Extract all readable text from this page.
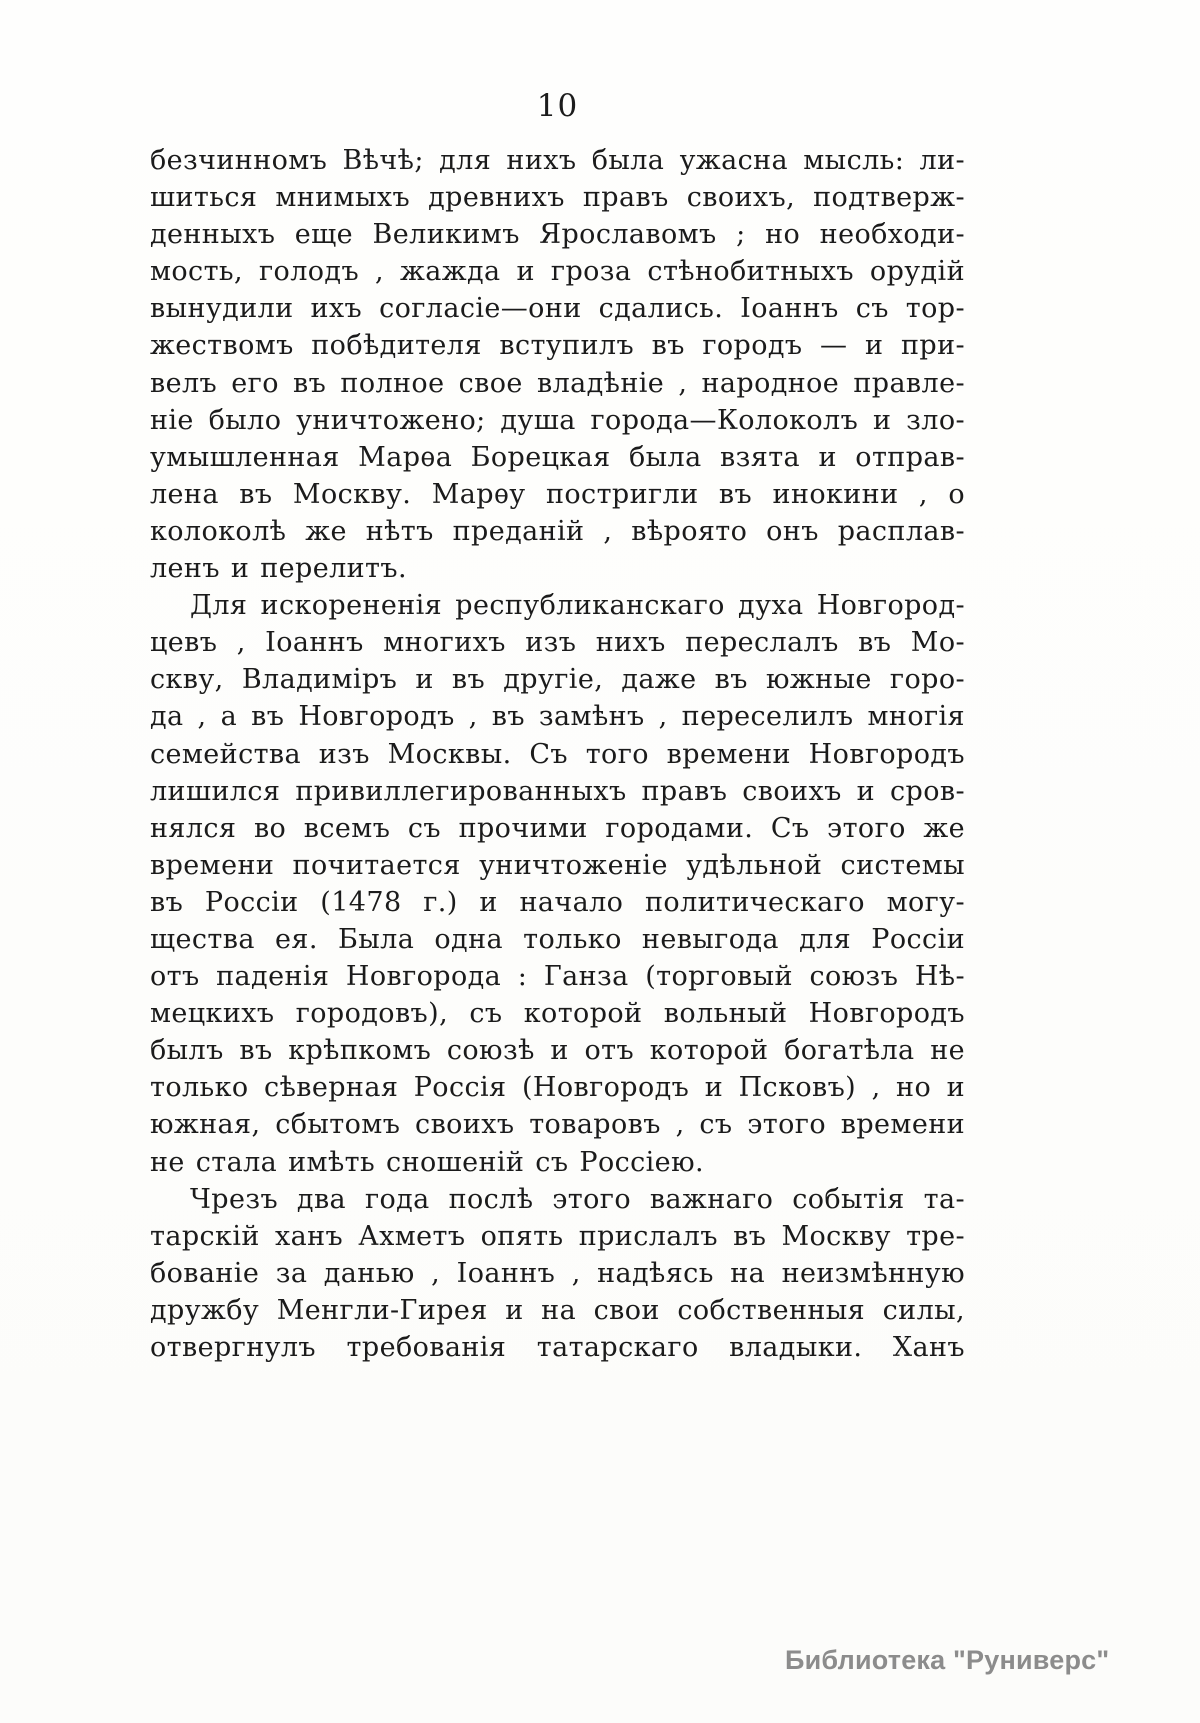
10
безчинномъ Вѣчѣ; для нихъ была ужасна мысль: ли-
шиться мнимыхъ древнихъ правъ своихъ, подтверж-
денныхъ еще Великимъ Ярославомъ ; но необходи-
мость, голодъ , жажда и гроза стѣнобитныхъ орудій
вынудили ихъ согласіе—они сдались. Іоаннъ съ тор-
жествомъ побѣдителя вступилъ въ городъ — и при-
велъ его въ полное свое владѣніе , народное правле-
ніе было уничтожено; душа города—Колоколъ и зло-
умышленная Марѳа Борецкая была взята и отправ-
лена въ Москву. Марѳу постригли въ инокини , о
колоколѣ же нѣтъ преданій , вѣроято онъ расплав-
ленъ и перелитъ.
Для искорененія республиканскаго духа Новгород-
цевъ , Іоаннъ многихъ изъ нихъ переслалъ въ Мо-
скву, Владиміръ и въ другіе, даже въ южные горо-
да , а въ Новгородъ , въ замѣнъ , переселилъ многія
семейства изъ Москвы. Съ того времени Новгородъ
лишился привиллегированныхъ правъ своихъ и сров-
нялся во всемъ съ прочими городами. Съ этого же
времени почитается уничтоженіе удѣльной системы
въ Россіи (1478 г.) и начало политическаго могу-
щества ея. Была одна только невыгода для Россіи
отъ паденія Новгорода : Ганза (торговый союзъ Нѣ-
мецкихъ городовъ), съ которой вольный Новгородъ
былъ въ крѣпкомъ союзѣ и отъ которой богатѣла не
только сѣверная Россія (Новгородъ и Псковъ) , но и
южная, сбытомъ своихъ товаровъ , съ этого времени
не стала имѣть сношеній съ Россіею.
Чрезъ два года послѣ этого важнаго событія та-
тарскій ханъ Ахметъ опять прислалъ въ Москву тре-
бованіе за данью , Іоаннъ , надѣясь на неизмѣнную
дружбу Менгли-Гирея и на свои собственныя силы,
отвергнулъ требованія татарскаго владыки. Ханъ
Библиотека "Руниверс"
